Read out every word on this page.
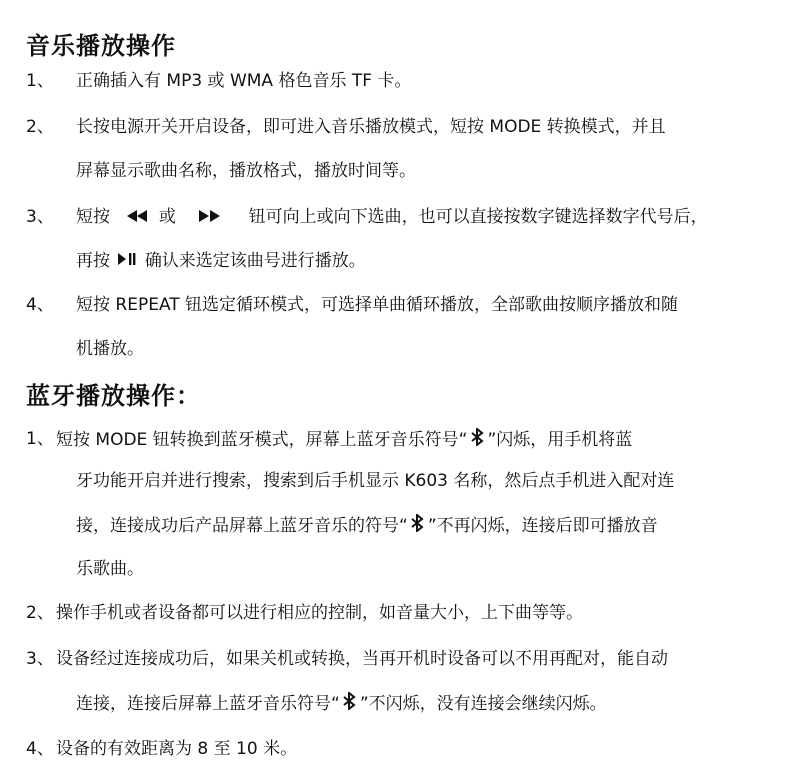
音乐播放操作
1、 正确插入有 MP3 或 WMA 格色音乐 TF 卡。
2、 长按电源开关开启设备，即可进入音乐播放模式，短按 MODE 转换模式，并且
屏幕显示歌曲名称，播放格式，播放时间等。
3、 短按	或	钮可向上或向下选曲，也可以直接按数字键选择数字代号后，
再按 确认来选定该曲号进行播放。
4、 短按 REPEAT 钮选定循环模式，可选择单曲循环播放，全部歌曲按顺序播放和随
机播放。
蓝牙播放操作：
1、 短按 MODE 钮转换到蓝牙模式，屏幕上蓝牙音乐符号“ ”闪烁，用手机将蓝
牙功能开启并进行搜索，搜索到后手机显示 K603 名称，然后点手机进入配对连
接，连接成功后产品屏幕上蓝牙音乐的符号“ ”不再闪烁，连接后即可播放音
乐歌曲。
2、 操作手机或者设备都可以进行相应的控制，如音量大小，上下曲等等。
3、 设备经过连接成功后，如果关机或转换，当再开机时设备可以不用再配对，能自动
连接，连接后屏幕上蓝牙音乐符号“ ”不闪烁，没有连接会继续闪烁。
4、 设备的有效距离为 8 至 10 米。
